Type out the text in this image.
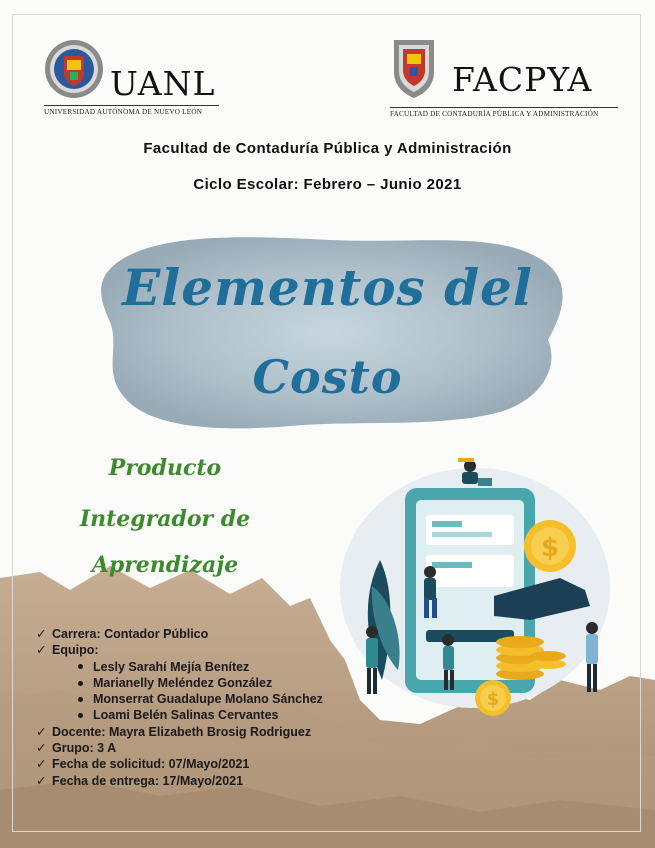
$
$
UANL
UNIVERSIDAD AUTÓNOMA DE NUEVO LEÓN
FACPYA
FACULTAD DE CONTADURÍA PÚBLICA Y ADMINISTRACIÓN
Facultad de Contaduría Pública y Administración
Ciclo Escolar: Febrero – Junio 2021
Elementos del
Costo
Producto
Integrador de
Aprendizaje
✓ Carrera: Contador Público
✓ Equipo:
Lesly Sarahí Mejía Benítez
Marianelly Meléndez González
Monserrat Guadalupe Molano Sánchez
Loami Belén Salinas Cervantes
✓ Docente: Mayra Elizabeth Brosig Rodriguez
✓ Grupo: 3 A
✓ Fecha de solicitud: 07/Mayo/2021
✓ Fecha de entrega: 17/Mayo/2021
